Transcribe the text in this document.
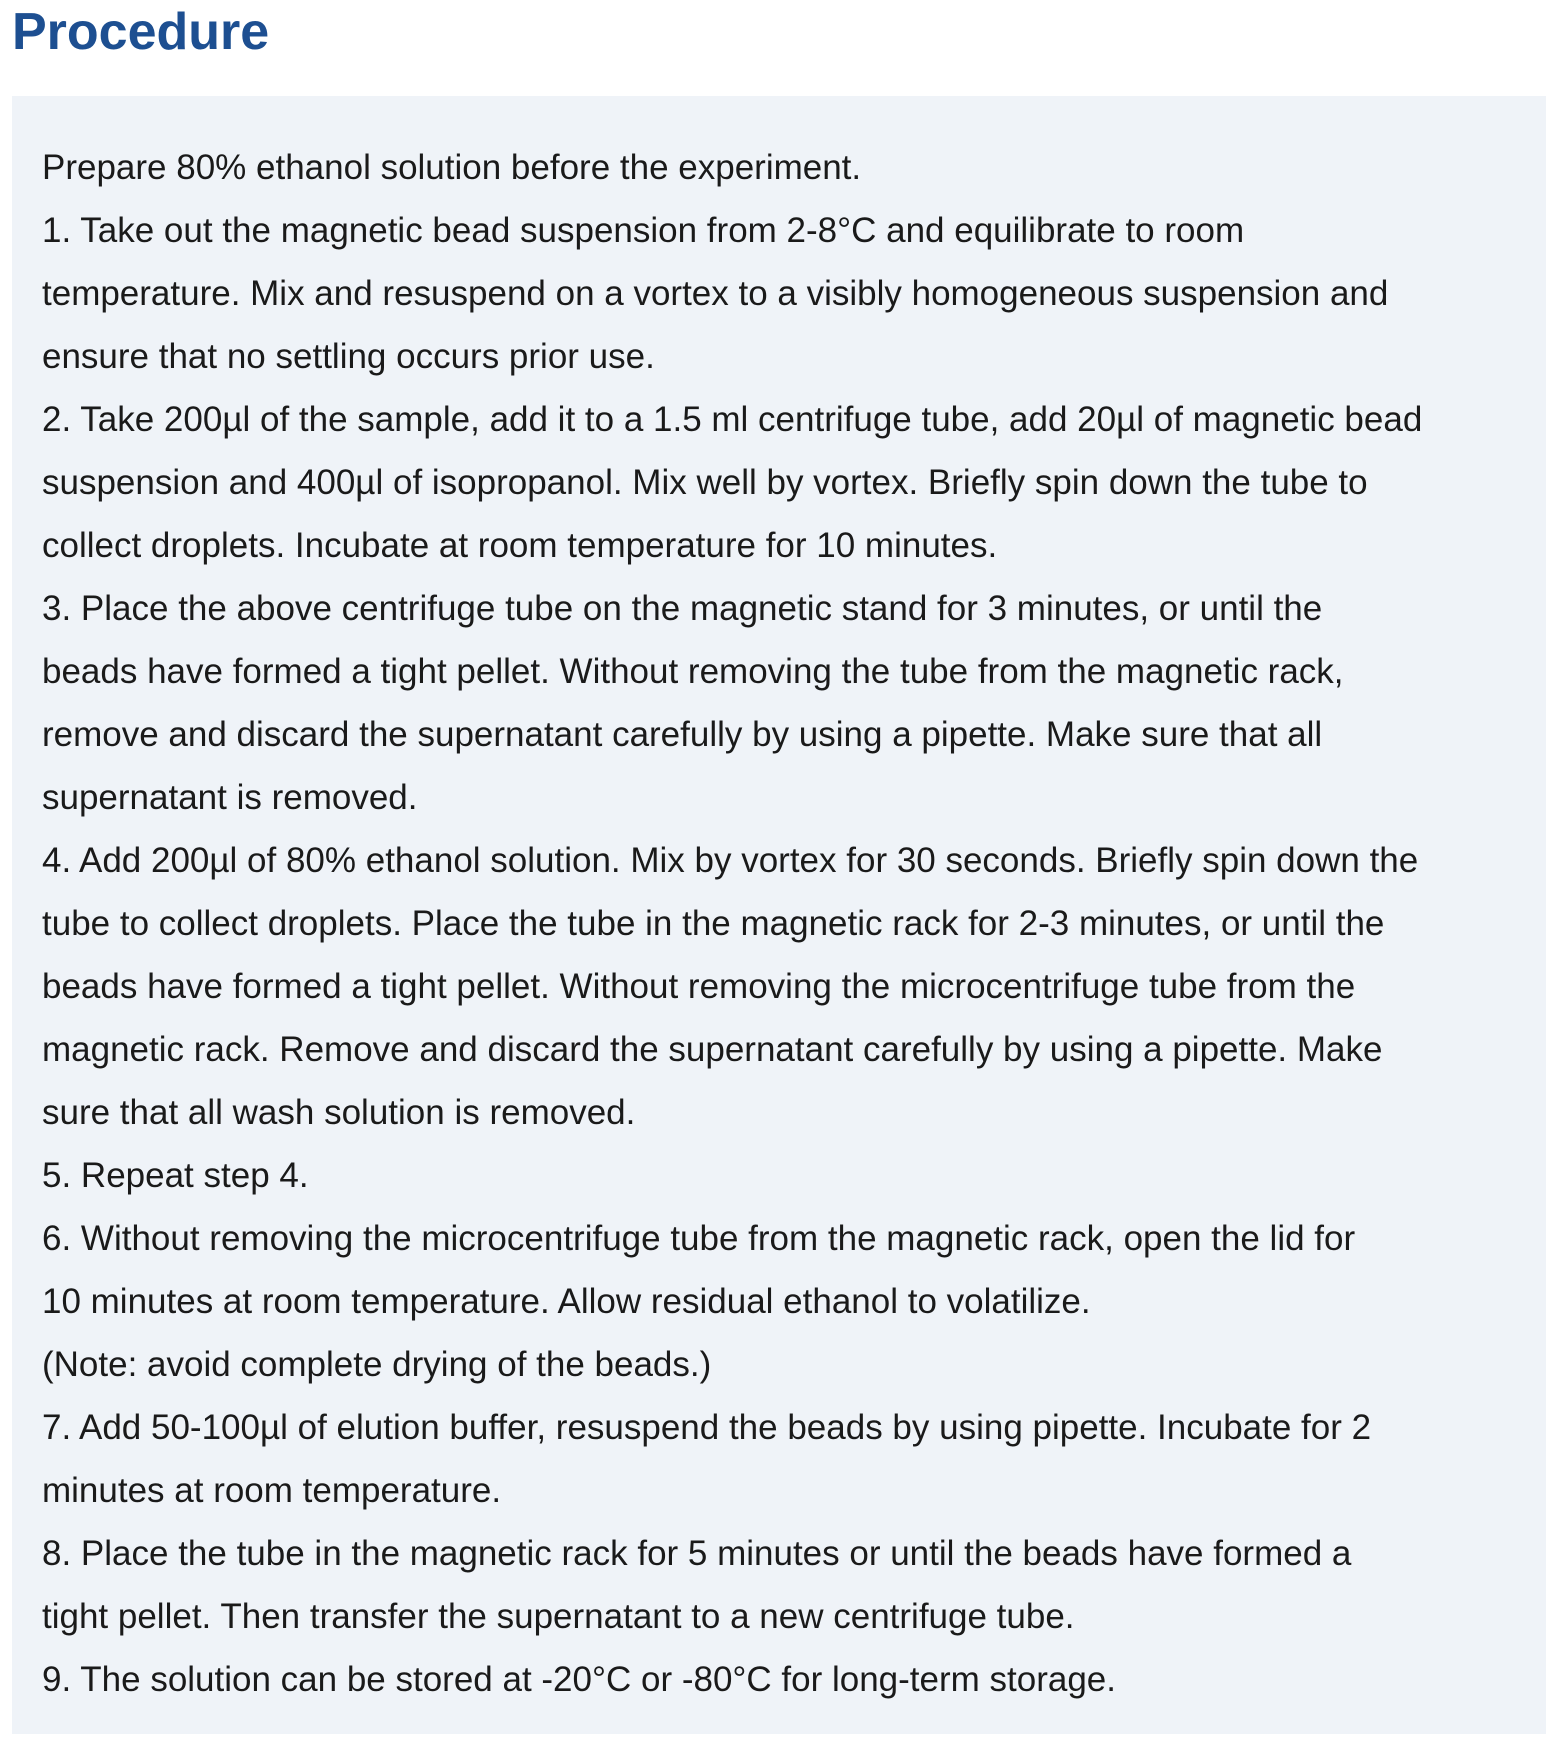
Procedure
Prepare 80% ethanol solution before the experiment.
1. Take out the magnetic bead suspension from 2-8°C and equilibrate to room
temperature. Mix and resuspend on a vortex to a visibly homogeneous suspension and
ensure that no settling occurs prior use.
2. Take 200µl of the sample, add it to a 1.5 ml centrifuge tube, add 20µl of magnetic bead
suspension and 400µl of isopropanol. Mix well by vortex. Briefly spin down the tube to
collect droplets. Incubate at room temperature for 10 minutes.
3. Place the above centrifuge tube on the magnetic stand for 3 minutes, or until the
beads have formed a tight pellet. Without removing the tube from the magnetic rack,
remove and discard the supernatant carefully by using a pipette. Make sure that all
supernatant is removed.
4. Add 200µl of 80% ethanol solution. Mix by vortex for 30 seconds. Briefly spin down the
tube to collect droplets. Place the tube in the magnetic rack for 2-3 minutes, or until the
beads have formed a tight pellet. Without removing the microcentrifuge tube from the
magnetic rack. Remove and discard the supernatant carefully by using a pipette. Make
sure that all wash solution is removed.
5. Repeat step 4.
6. Without removing the microcentrifuge tube from the magnetic rack, open the lid for
10 minutes at room temperature. Allow residual ethanol to volatilize.
(Note: avoid complete drying of the beads.)
7. Add 50-100µl of elution buffer, resuspend the beads by using pipette. Incubate for 2
minutes at room temperature.
8. Place the tube in the magnetic rack for 5 minutes or until the beads have formed a
tight pellet. Then transfer the supernatant to a new centrifuge tube.
9. The solution can be stored at -20°C or -80°C for long-term storage.
